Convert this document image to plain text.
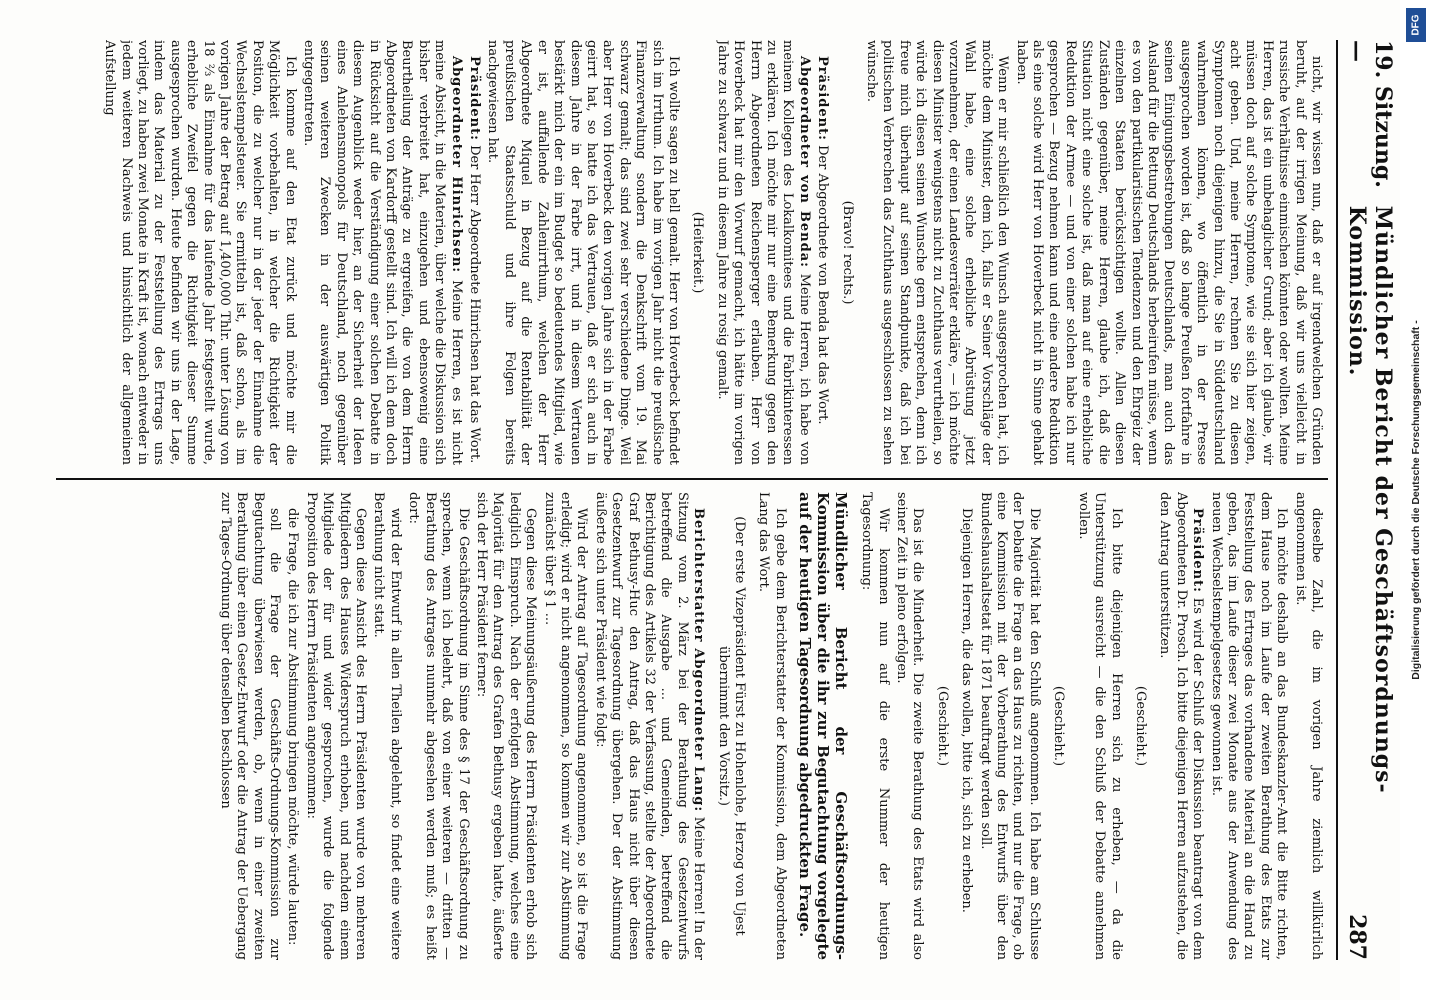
19. Sitzung. —
Mündlicher Bericht der Geschäftsordnungs-Kommission.
287

nicht, wir wissen nun, daß er auf irgendwelchen Gründen beruht, auf der irrigen Meinung, daß wir uns vielleicht in russische Verhältnisse einmischen könnten oder wollten. Meine Herren, das ist ein unbehaglicher Grund; aber ich glaube, wir müssen doch auf solche Symptome, wie sie sich hier zeigen, acht geben. Und, meine Herren, rechnen Sie zu diesen Symptomen noch diejenigen hinzu, die Sie in Süddeutschland wahrnehmen können, wo öffentlich in der Presse ausgesprochen worden ist, daß so lange Preußen fortfahre in seinen Einigungsbestrebungen Deutschlands, man auch das Ausland für die Rettung Deutschlands herbeirufen müsse, wenn es von den partikularistischen Tendenzen und den Ehrgeiz der einzelnen Staaten berücksichtigen wollte. Allen diesen Zuständen gegenüber, meine Herren, glaube ich, daß die Situation nicht eine solche ist, daß man auf eine erhebliche Reduktion der Armee — und von einer solchen habe ich nur gesprochen — Bezug nehmen kann und eine andere Reduktion als eine solche wird Herr von Hoverbeck nicht in Sinne gehabt haben.

Wenn er mir schließlich den Wunsch ausgesprochen hat, ich möchte dem Minister, dem ich, falls er Seiner Vorschläge der Wahl habe, eine solche erhebliche Abrüstung jetzt vorzunehmen, der einen Landesverräter erkläre, — ich möchte diesen Minister wenigstens nicht zu Zuchthaus verurtheilen, so würde ich diesen seinen Wunsche gern entsprechen, denn ich freue mich überhaupt auf seinen Standpunkte, daß ich bei politischen Verbrechen das Zuchthaus ausgeschlossen zu sehen wünsche.

(Bravo! rechts.)

Präsident: Der Abgeordnete von Benda hat das Wort.

Abgeordneter von Benda: Meine Herren, ich habe von meinem Kollegen des Lokalkomitees und die Fabrikinteressen zu erklären. Ich möchte mir nur eine Bemerkung gegen den Herrn Abgeordneten Reichensperger erlauben. Herr von Hoverbeck hat mir den Vorwurf gemacht, ich hätte im vorigen Jahre zu schwarz und in diesem Jahre zu rosig gemalt.

(Heiterkeit.)

Ich wollte sagen zu hell gemalt. Herr von Hoverbeck befindet sich im Irrthum. Ich habe im vorigen Jahr nicht die preußische Finanzverwaltung sondern die Denkschrift vom 19. Mai schwarz gemalt; das sind zwei sehr verschiedene Dinge. Weil aber Herr von Hoverbeck den vorigen Jahre sich in der Farbe geirrt hat, so hatte ich das Vertrauen, daß er sich auch in diesem Jahre in der Farbe irrt, und in diesem Vertrauen bestärkt mich der ein im Budget so bedeutendes Mitglied, wie er ist, auffallende Zahlenirrthum, welchen der Herr Abgeordnete Miquel in Bezug auf die Rentabilität der preußischen Staatsschuld und ihre Folgen bereits nachgewiesen hat.

Präsident: Der Herr Abgeordnete Hinrichsen hat das Wort.

Abgeordneter Hinrichsen: Meine Herren, es ist nicht meine Absicht, in die Materien, über welche die Diskussion sich bisher verbreitet hat, einzugehen und ebensowenig eine Beurtheilung der Anträge zu ergreifen, die von dem Herrn Abgeordneten von Kardorff gestellt sind. Ich will ich dem doch in Rücksicht auf die Verständigung einer solchen Debatte in diesem Augenblick weder hier, an der Sicherheit der Ideen eines Anlehensmonopols für Deutschland, noch gegenüber seinen weiteren Zwecken in der auswärtigen Politik entgegentreten.

Ich komme auf den Etat zurück und möchte mir die Möglichkeit vorbehalten, in welcher die Richtigkeit der Position, die zu welcher nur in der jeder der Einnahme die Wechselstempelsteuer. Sie ermitteln ist, daß schon, als im vorigen Jahre der Betrag auf 1,400,000 Thlr. unter Lösung von 18 ⅔ als Einnahme für das laufende Jahr festgestellt wurde, erhebliche Zweifel gegen die Richtigkeit dieser Summe ausgesprochen wurden. Heute befinden wir uns in der Lage, indem das Material zu der Feststellung des Ertrags uns vorliegt, zu haben zwei Monate in Kraft ist, wonach entweder in jedem weiteren Nachweis und hinsichtlich der allgemeinen Aufstellung

dieselbe Zahl, die im vorigen Jahre ziemlich willkürlich angenommen ist.

Ich möchte deshalb an das Bundeskanzler-Amt die Bitte richten, dem Hause noch im Laufe der zweiten Berathung des Etats zur Feststellung des Ertrages das vorhandene Material an die Hand zu geben, das im Laufe dieser zwei Monate aus der Anwendung des neuen Wechselstempelgesetzes gewonnen ist.

Präsident: Es wird der Schluß der Diskussion beantragt von dem Abgeordneten Dr. Prosch. Ich bitte diejenigen Herren aufzustehen, die den Antrag unterstützen.

(Geschieht.)

Ich bitte diejenigen Herren sich zu erheben, — da die Unterstützung ausreicht — die den Schluß der Debatte annehmen wollen.

(Geschieht.)

Die Majorität hat den Schluß angenommen. Ich habe am Schlusse der Debatte die Frage an das Haus zu richten, und nur die Frage, ob eine Kommission mit der Vorberathung des Entwurfs über den Bundeshaushaltsetat für 1871 beauftragt werden soll.

Diejenigen Herren, die das wollen, bitte ich, sich zu erheben.

(Geschieht.)

Das ist die Minderheit. Die zweite Berathung des Etats wird also seiner Zeit in pleno erfolgen.

Wir kommen nun auf die erste Nummer der heutigen Tagesordnung:

Mündlicher Bericht der Geschäftsordnungs-Kommission über die ihr zur Begutachtung vorgelegte auf der heutigen Tagesordnung abgedruckten Frage.

Ich gebe dem Berichterstatter der Kommission, dem Abgeordneten Lang das Wort.

(Der erste Vizepräsident Fürst zu Hohenlohe, Herzog von Ujest übernimmt den Vorsitz.)

Berichterstatter Abgeordneter Lang: Meine Herren! In der Sitzung vom 2. März bei der Berathung des Gesetzentwurfs betreffend die Ausgabe ... und Gemeinden, betreffend die Berichtigung des Artikels 32 der Verfassung, stellte der Abgeordnete Graf Bethusy-Huc den Antrag, daß das Haus nicht über diesen Gesetzentwurf zur Tagesordnung übergehen. Der der Abstimmung äußerte sich unter Präsident wie folgt:

Wird der Antrag auf Tagesordnung angenommen, so ist die Frage erledigt; wird er nicht angenommen, so kommen wir zur Abstimmung zunächst über § 1 ...

Gegen diese Meinungsäußerung des Herrn Präsidenten erhob sich lediglich Einspruch. Nach der erfolgten Abstimmung, welches eine Majorität für den Antrag des Grafen Bethusy ergeben hatte, äußerte sich der Herr Präsident ferner:

Die Geschäftsordnung im Sinne des § 17 der Geschäftsordnung zu sprechen, wenn ich belehrt, daß von einer weiteren — dritten — Berathung des Antrages nunmehr abgesehen werden muß; es heißt dort:

wird der Entwurf in allen Theilen abgelehnt, so findet eine weitere Berathung nicht statt.

Gegen diese Ansicht des Herrn Präsidenten wurde von mehreren Mitgliedern des Hauses Widerspruch erhoben, und nachdem einem Mitgliede der für und wider gesprochen, wurde die folgende Proposition des Herrn Präsidenten angenommen:

die Frage, die ich zur Abstimmung bringen möchte, würde lauten:

soll die Frage der Geschäfts-Ordnungs-Kommission zur Begutachtung überwiesen werden, ob, wenn in einer zweiten Berathung über einen Gesetz-Entwurf oder die Antrag der Uebergang zur Tages-Ordnung über denselben beschlossen	Digitalisierung gefördert durch die Deutsche Forschungsgemeinschaft -
DFG
